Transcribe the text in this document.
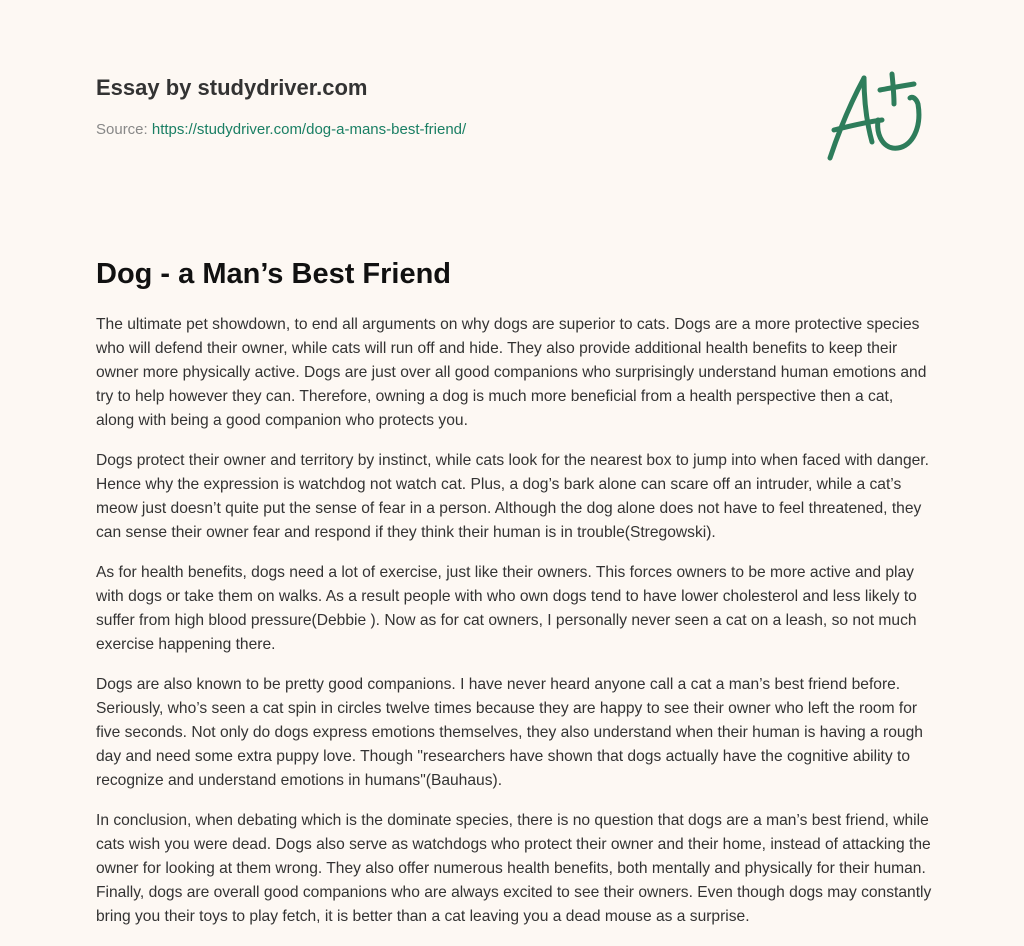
Essay by studydriver.com
Source: https://studydriver.com/dog-a-mans-best-friend/
Dog - a Man’s Best Friend

The ultimate pet showdown, to end all arguments on why dogs are superior to cats. Dogs are a more protective species who will defend their owner, while cats will run off and hide. They also provide additional health benefits to keep their owner more physically active. Dogs are just over all good companions who surprisingly understand human emotions and try to help however they can. Therefore, owning a dog is much more beneficial from a health perspective then a cat, along with being a good companion who protects you.

Dogs protect their owner and territory by instinct, while cats look for the nearest box to jump into when faced with danger. Hence why the expression is watchdog not watch cat. Plus, a dog’s bark alone can scare off an intruder, while a cat’s meow just doesn’t quite put the sense of fear in a person. Although the dog alone does not have to feel threatened, they can sense their owner fear and respond if they think their human is in trouble(Stregowski).

As for health benefits, dogs need a lot of exercise, just like their owners. This forces owners to be more active and play with dogs or take them on walks. As a result people with who own dogs tend to have lower cholesterol and less likely to suffer from high blood pressure(Debbie ). Now as for cat owners, I personally never seen a cat on a leash, so not much exercise happening there.

Dogs are also known to be pretty good companions. I have never heard anyone call a cat a man’s best friend before. Seriously, who’s seen a cat spin in circles twelve times because they are happy to see their owner who left the room for five seconds. Not only do dogs express emotions themselves, they also understand when their human is having a rough day and need some extra puppy love. Though "researchers have shown that dogs actually have the cognitive ability to recognize and understand emotions in humans"(Bauhaus).

In conclusion, when debating which is the dominate species, there is no question that dogs are a man’s best friend, while cats wish you were dead. Dogs also serve as watchdogs who protect their owner and their home, instead of attacking the owner for looking at them wrong. They also offer numerous health benefits, both mentally and physically for their human. Finally, dogs are overall good companions who are always excited to see their owners. Even though dogs may constantly bring you their toys to play fetch, it is better than a cat leaving you a dead mouse as a surprise.
